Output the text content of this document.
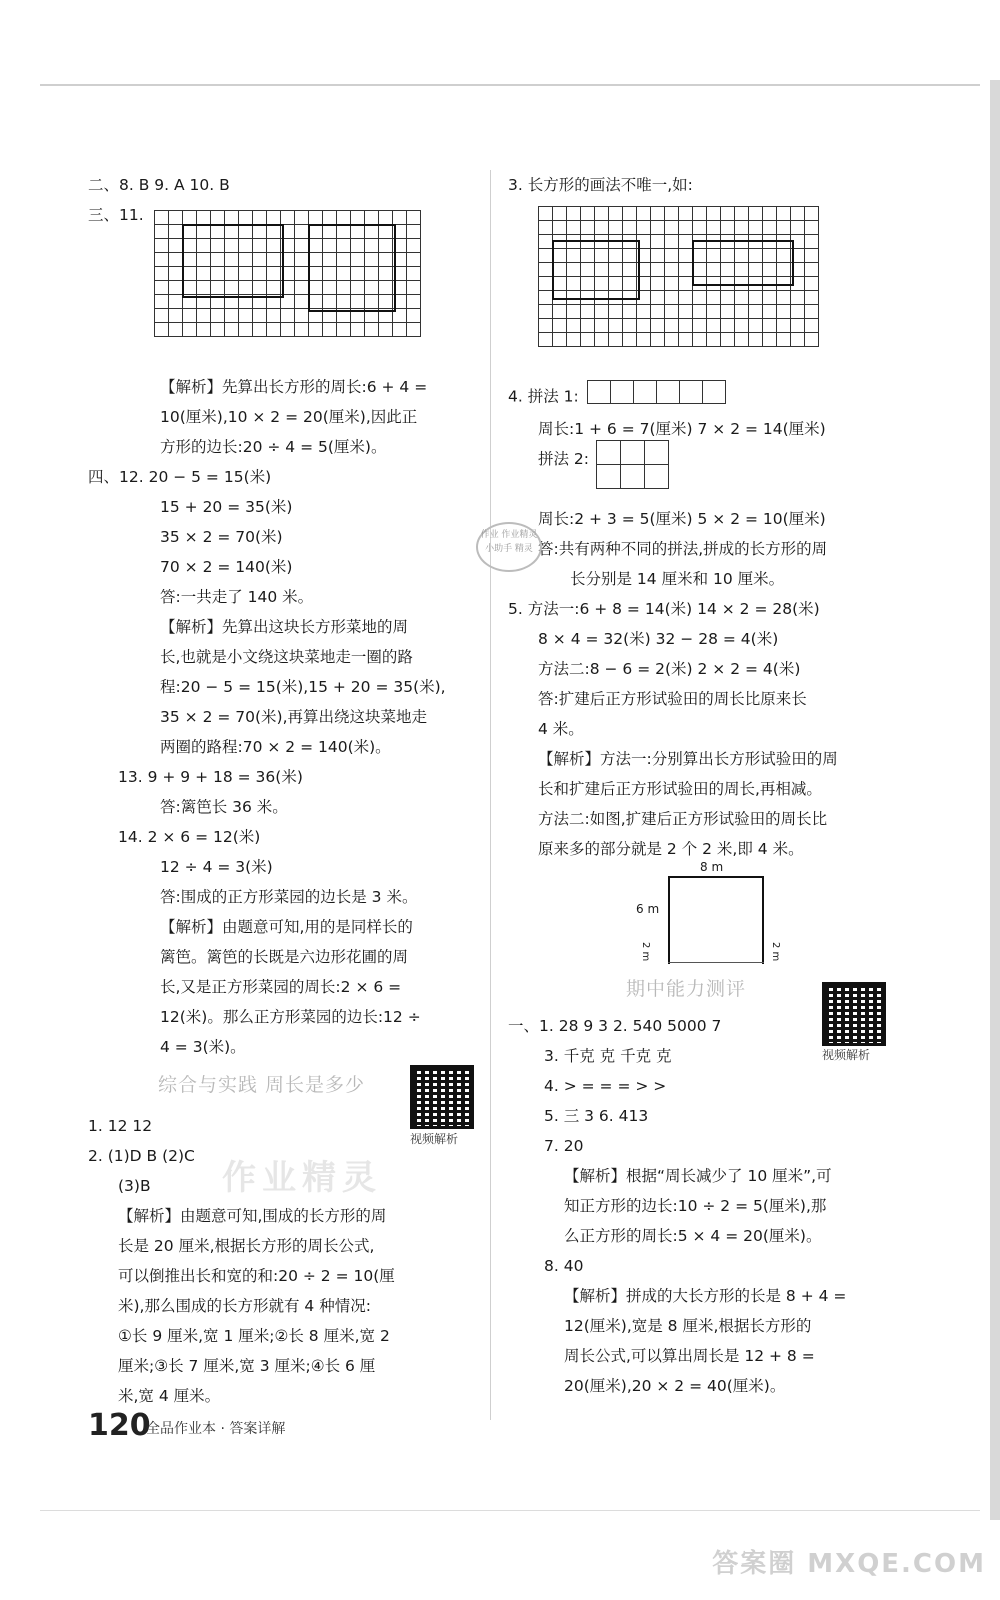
二、8. B 9. A 10. B
三、11.
【解析】先算出长方形的周长:6 + 4 =
10(厘米),10 × 2 = 20(厘米),因此正
方形的边长:20 ÷ 4 = 5(厘米)。
四、12. 20 − 5 = 15(米)
15 + 20 = 35(米)
35 × 2 = 70(米)
70 × 2 = 140(米)
答:一共走了 140 米。
【解析】先算出这块长方形菜地的周
长,也就是小文绕这块菜地走一圈的路
程:20 − 5 = 15(米),15 + 20 = 35(米),
35 × 2 = 70(米),再算出绕这块菜地走
两圈的路程:70 × 2 = 140(米)。
13. 9 + 9 + 18 = 36(米)
答:篱笆长 36 米。
14. 2 × 6 = 12(米)
12 ÷ 4 = 3(米)
答:围成的正方形菜园的边长是 3 米。
【解析】由题意可知,用的是同样长的
篱笆。篱笆的长既是六边形花圃的周
长,又是正方形菜园的周长:2 × 6 =
12(米)。那么正方形菜园的边长:12 ÷
4 = 3(米)。
综合与实践 周长是多少
1. 12 12
2. (1)D B (2)C
(3)B
【解析】由题意可知,围成的长方形的周
长是 20 厘米,根据长方形的周长公式,
可以倒推出长和宽的和:20 ÷ 2 = 10(厘
米),那么围成的长方形就有 4 种情况:
①长 9 厘米,宽 1 厘米;②长 8 厘米,宽 2
厘米;③长 7 厘米,宽 3 厘米;④长 6 厘
米,宽 4 厘米。
视频解析
3. 长方形的画法不唯一,如:
4. 拼法 1:
周长:1 + 6 = 7(厘米) 7 × 2 = 14(厘米)
拼法 2:
周长:2 + 3 = 5(厘米) 5 × 2 = 10(厘米)
答:共有两种不同的拼法,拼成的长方形的周
长分别是 14 厘米和 10 厘米。
5. 方法一:6 + 8 = 14(米) 14 × 2 = 28(米)
8 × 4 = 32(米) 32 − 28 = 4(米)
方法二:8 − 6 = 2(米) 2 × 2 = 4(米)
答:扩建后正方形试验田的周长比原来长
4 米。
【解析】方法一:分别算出长方形试验田的周
长和扩建后正方形试验田的周长,再相减。
方法二:如图,扩建后正方形试验田的周长比
原来多的部分就是 2 个 2 米,即 4 米。
期中能力测评
一、1. 28 9 3 2. 540 5000 7
3. 千克 克 千克 克
4. > = = = > >
5. 三 3 6. 413
7. 20
【解析】根据“周长减少了 10 厘米”,可
知正方形的边长:10 ÷ 2 = 5(厘米),那
么正方形的周长:5 × 4 = 20(厘米)。
8. 40
【解析】拼成的大长方形的长是 8 + 4 =
12(厘米),宽是 8 厘米,根据长方形的
周长公式,可以算出周长是 12 + 8 =
20(厘米),20 × 2 = 40(厘米)。
作业 作业精灵小助手 精灵
8 m
6 m
2 m	2 m
视频解析
作业精灵
答案圈 MXQE.COM
120
全品作业本 · 答案详解
